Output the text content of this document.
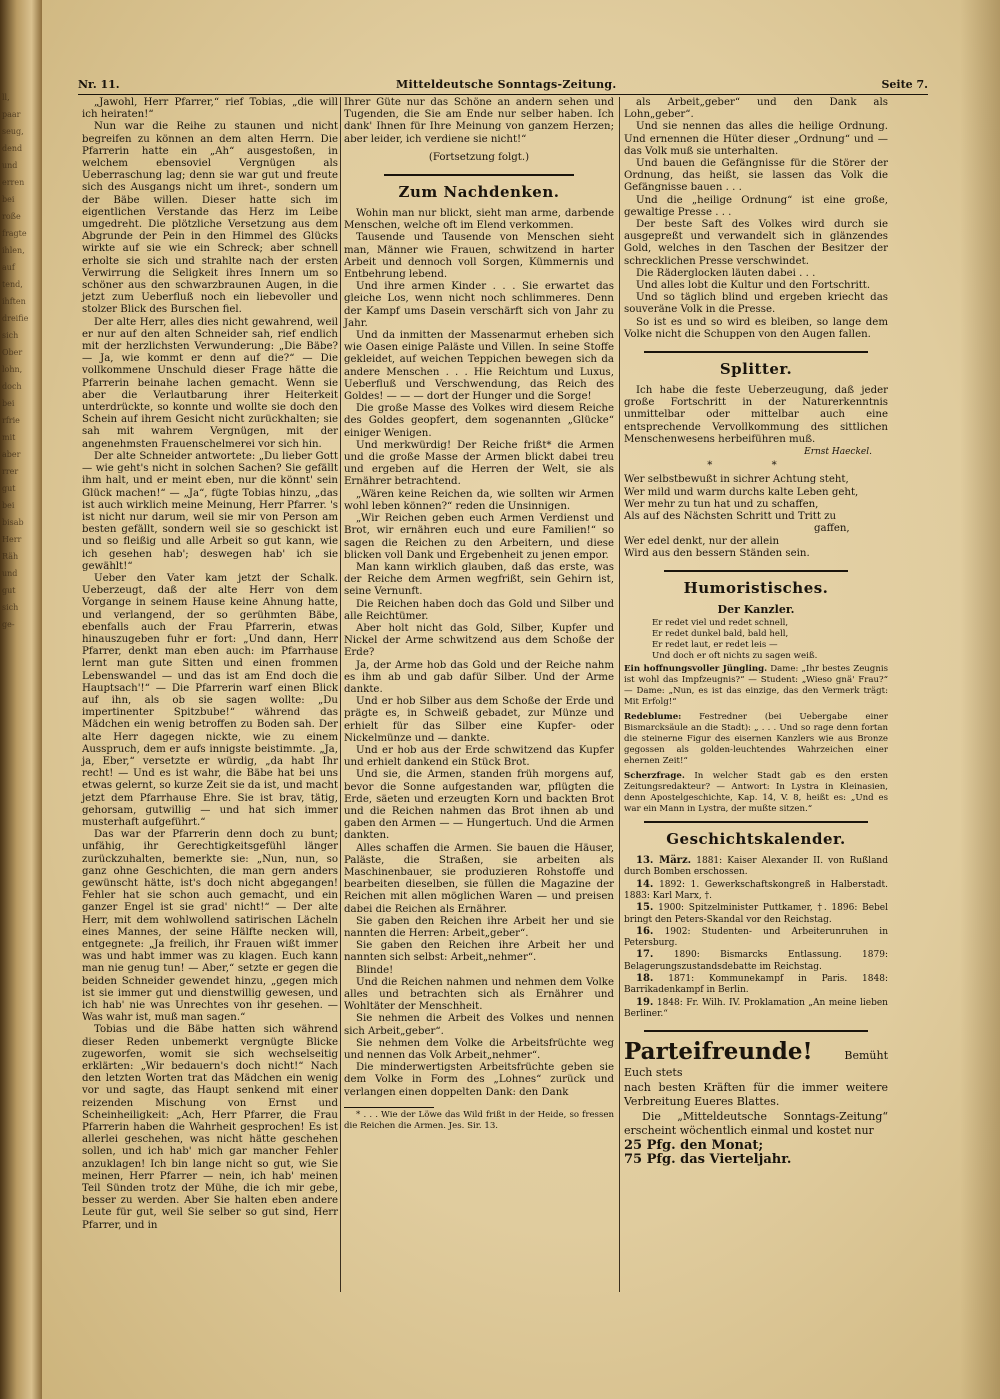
ll,
paar
seug,
dend
und
erren
bei
roße
fragte
ihlen,
auf
tend,
ihften
dreifie
sich
Ober
lohn,
doch
bei
rfrie
mit
aber
rrer
gut
bei
bisab
Herr
Räh
und
gut
sich
ge-
Nr. 11.	Mitteldeutsche Sonntags-Zeitung.	Seite 7.

„Jawohl, Herr Pfarrer,“ rief Tobias, „die will ich heiraten!“

Nun war die Reihe zu staunen und nicht begreifen zu können an dem alten Herrn. Die Pfarrerin hatte ein „Ah“ ausgestoßen, in welchem ebensoviel Vergnügen als Ueberraschung lag; denn sie war gut und freute sich des Ausgangs nicht um ihret-, sondern um der Bäbe willen. Dieser hatte sich im eigentlichen Verstande das Herz im Leibe umgedreht. Die plötzliche Versetzung aus dem Abgrunde der Pein in den Himmel des Glücks wirkte auf sie wie ein Schreck; aber schnell erholte sie sich und strahlte nach der ersten Verwirrung die Seligkeit ihres Innern um so schöner aus den schwarzbraunen Augen, in die jetzt zum Ueberfluß noch ein liebevoller und stolzer Blick des Burschen fiel.

Der alte Herr, alles dies nicht gewahrend, weil er nur auf den alten Schneider sah, rief endlich mit der herzlichsten Verwunderung: „Die Bäbe? — Ja, wie kommt er denn auf die?“ — Die vollkommene Unschuld dieser Frage hätte die Pfarrerin beinahe lachen gemacht. Wenn sie aber die Verlautbarung ihrer Heiterkeit unterdrückte, so konnte und wollte sie doch den Schein auf ihrem Gesicht nicht zurückhalten; sie sah mit wahrem Vergnügen, mit der angenehmsten Frauenschelmerei vor sich hin.

Der alte Schneider antwortete: „Du lieber Gott — wie geht's nicht in solchen Sachen? Sie gefällt ihm halt, und er meint eben, nur die könnt' sein Glück machen!“ — „Ja“, fügte Tobias hinzu, „das ist auch wirklich meine Meinung, Herr Pfarrer. 's ist nicht nur darum, weil sie mir von Person am besten gefällt, sondern weil sie so geschickt ist und so fleißig und alle Arbeit so gut kann, wie ich gesehen hab'; deswegen hab' ich sie gewählt!“

Ueber den Vater kam jetzt der Schalk. Ueberzeugt, daß der alte Herr von dem Vorgange in seinem Hause keine Ahnung hatte, und verlangend, der so gerühmten Bäbe, ebenfalls auch der Frau Pfarrerin, etwas hinauszugeben fuhr er fort: „Und dann, Herr Pfarrer, denkt man eben auch: im Pfarrhause lernt man gute Sitten und einen frommen Lebenswandel — und das ist am End doch die Hauptsach'!“ — Die Pfarrerin warf einen Blick auf ihn, als ob sie sagen wollte: „Du impertinenter Spitzbube!“ während das Mädchen ein wenig betroffen zu Boden sah. Der alte Herr dagegen nickte, wie zu einem Ausspruch, dem er aufs innigste beistimmte. „Ja, ja, Eber,“ versetzte er würdig, „da habt Ihr recht! — Und es ist wahr, die Bäbe hat bei uns etwas gelernt, so kurze Zeit sie da ist, und macht jetzt dem Pfarrhause Ehre. Sie ist brav, tätig, gehorsam, gutwillig — und hat sich immer musterhaft aufgeführt.“

Das war der Pfarrerin denn doch zu bunt; unfähig, ihr Gerechtigkeitsgefühl länger zurückzuhalten, bemerkte sie: „Nun, nun, so ganz ohne Geschichten, die man gern anders gewünscht hätte, ist's doch nicht abgegangen! Fehler hat sie schon auch gemacht, und ein ganzer Engel ist sie grad' nicht!“ — Der alte Herr, mit dem wohlwollend satirischen Lächeln eines Mannes, der seine Hälfte necken will, entgegnete: „Ja freilich, ihr Frauen wißt immer was und habt immer was zu klagen. Euch kann man nie genug tun! — Aber,“ setzte er gegen die beiden Schneider gewendet hinzu, „gegen mich ist sie immer gut und dienstwillig gewesen, und ich hab' nie was Unrechtes von ihr gesehen. — Was wahr ist, muß man sagen.“

Tobias und die Bäbe hatten sich während dieser Reden unbemerkt vergnügte Blicke zugeworfen, womit sie sich wechselseitig erklärten: „Wir bedauern's doch nicht!“ Nach den letzten Worten trat das Mädchen ein wenig vor und sagte, das Haupt senkend mit einer reizenden Mischung von Ernst und Scheinheiligkeit: „Ach, Herr Pfarrer, die Frau Pfarrerin haben die Wahrheit gesprochen! Es ist allerlei geschehen, was nicht hätte geschehen sollen, und ich hab' mich gar mancher Fehler anzuklagen! Ich bin lange nicht so gut, wie Sie meinen, Herr Pfarrer — nein, ich hab' meinen Teil Sünden trotz der Mühe, die ich mir gebe, besser zu werden. Aber Sie halten eben andere Leute für gut, weil Sie selber so gut sind, Herr Pfarrer, und in

Ihrer Güte nur das Schöne an andern sehen und Tugenden, die Sie am Ende nur selber haben. Ich dank' Ihnen für Ihre Meinung von ganzem Herzen; aber leider, ich verdiene sie nicht!“

(Fortsetzung folgt.)
Zum Nachdenken.

Wohin man nur blickt, sieht man arme, darbende Menschen, welche oft im Elend verkommen.

Tausende und Tausende von Menschen sieht man, Männer wie Frauen, schwitzend in harter Arbeit und dennoch voll Sorgen, Kümmernis und Entbehrung lebend.

Und ihre armen Kinder . . . Sie erwartet das gleiche Los, wenn nicht noch schlimmeres. Denn der Kampf ums Dasein verschärft sich von Jahr zu Jahr.

Und da inmitten der Massenarmut erheben sich wie Oasen einige Paläste und Villen. In seine Stoffe gekleidet, auf weichen Teppichen bewegen sich da andere Menschen . . . Hie Reichtum und Luxus, Ueberfluß und Verschwendung, das Reich des Goldes! — — — dort der Hunger und die Sorge!

Die große Masse des Volkes wird diesem Reiche des Goldes geopfert, dem sogenannten „Glücke“ einiger Wenigen.

Und merkwürdig! Der Reiche frißt* die Armen und die große Masse der Armen blickt dabei treu und ergeben auf die Herren der Welt, sie als Ernährer betrachtend.

„Wären keine Reichen da, wie sollten wir Armen wohl leben können?“ reden die Unsinnigen.

„Wir Reichen geben euch Armen Verdienst und Brot, wir ernähren euch und eure Familien!“ so sagen die Reichen zu den Arbeitern, und diese blicken voll Dank und Ergebenheit zu jenen empor.

Man kann wirklich glauben, daß das erste, was der Reiche dem Armen wegfrißt, sein Gehirn ist, seine Vernunft.

Die Reichen haben doch das Gold und Silber und alle Reichtümer.

Aber holt nicht das Gold, Silber, Kupfer und Nickel der Arme schwitzend aus dem Schoße der Erde?

Ja, der Arme hob das Gold und der Reiche nahm es ihm ab und gab dafür Silber. Und der Arme dankte.

Und er hob Silber aus dem Schoße der Erde und prägte es, in Schweiß gebadet, zur Münze und erhielt für das Silber eine Kupfer- oder Nickelmünze und — dankte.

Und er hob aus der Erde schwitzend das Kupfer und erhielt dankend ein Stück Brot.

Und sie, die Armen, standen früh morgens auf, bevor die Sonne aufgestanden war, pflügten die Erde, säeten und erzeugten Korn und backten Brot und die Reichen nahmen das Brot ihnen ab und gaben den Armen — — Hungertuch. Und die Armen dankten.

Alles schaffen die Armen. Sie bauen die Häuser, Paläste, die Straßen, sie arbeiten als Maschinenbauer, sie produzieren Rohstoffe und bearbeiten dieselben, sie füllen die Magazine der Reichen mit allen möglichen Waren — und preisen dabei die Reichen als Ernährer.

Sie gaben den Reichen ihre Arbeit her und sie nannten die Herren: Arbeit„geber“.

Sie gaben den Reichen ihre Arbeit her und nannten sich selbst: Arbeit„nehmer“.

Blinde!

Und die Reichen nahmen und nehmen dem Volke alles und betrachten sich als Ernährer und Wohltäter der Menschheit.

Sie nehmen die Arbeit des Volkes und nennen sich Arbeit„geber“.

Sie nehmen dem Volke die Arbeitsfrüchte weg und nennen das Volk Arbeit„nehmer“.

Die minderwertigsten Arbeitsfrüchte geben sie dem Volke in Form des „Lohnes“ zurück und verlangen einen doppelten Dank: den Dank

* . . . Wie der Löwe das Wild frißt in der Heide, so fressen die Reichen die Armen. Jes. Sir. 13.

als Arbeit„geber“ und den Dank als Lohn„geber“.

Und sie nennen das alles die heilige Ordnung. Und ernennen die Hüter dieser „Ordnung“ und — das Volk muß sie unterhalten.

Und bauen die Gefängnisse für die Störer der Ordnung, das heißt, sie lassen das Volk die Gefängnisse bauen . . .

Und die „heilige Ordnung“ ist eine große, gewaltige Presse . . .

Der beste Saft des Volkes wird durch sie ausgepreßt und verwandelt sich in glänzendes Gold, welches in den Taschen der Besitzer der schrecklichen Presse verschwindet.

Die Räderglocken läuten dabei . . .

Und alles lobt die Kultur und den Fortschritt.

Und so täglich blind und ergeben kriecht das souveräne Volk in die Presse.

So ist es und so wird es bleiben, so lange dem Volke nicht die Schuppen von den Augen fallen.

Splitter.

Ich habe die feste Ueberzeugung, daß jeder große Fortschritt in der Naturerkenntnis unmittelbar oder mittelbar auch eine entsprechende Vervollkommung des sittlichen Menschenwesens herbeiführen muß.

Ernst Haeckel.
* *
Wer selbstbewußt in sichrer Achtung steht,
Wer mild und warm durchs kalte Leben geht,
Wer mehr zu tun hat und zu schaffen,
Als auf des Nächsten Schritt und Tritt zu
gaffen,
Wer edel denkt, nur der allein
Wird aus den bessern Ständen sein.
Humoristisches.
Der Kanzler.
Er redet viel und redet schnell,
Er redet dunkel bald, bald hell,
Er redet laut, er redet leis —
Und doch er oft nichts zu sagen weiß.

Ein hoffnungsvoller Jüngling. Dame: „Ihr bestes Zeugnis ist wohl das Impfzeugnis?“ — Student: „Wieso gnä' Frau?“ — Dame: „Nun, es ist das einzige, das den Vermerk trägt: Mit Erfolg!“

Redeblume: Festredner (bei Uebergabe einer Bismarcksäule an die Stadt): „ . . . Und so rage denn fortan die steinerne Figur des eisernen Kanzlers wie aus Bronze gegossen als golden-leuchtendes Wahrzeichen einer ehernen Zeit!“

Scherzfrage. In welcher Stadt gab es den ersten Zeitungsredakteur? — Antwort: In Lystra in Kleinasien, denn Apostelgeschichte, Kap. 14, V. 8, heißt es: „Und es war ein Mann in Lystra, der mußte sitzen.“

Geschichtskalender.

13. März. 1881: Kaiser Alexander II. von Rußland durch Bomben erschossen.

14. 1892: 1. Gewerkschaftskongreß in Halberstadt. 1883: Karl Marx, †.

15. 1900: Spitzelminister Puttkamer, †. 1896: Bebel bringt den Peters-Skandal vor den Reichstag.

16. 1902: Studenten- und Arbeiterunruhen in Petersburg.

17. 1890: Bismarcks Entlassung. 1879: Belagerungszustandsdebatte im Reichstag.

18. 1871: Kommunekampf in Paris. 1848: Barrikadenkampf in Berlin.

19. 1848: Fr. Wilh. IV. Proklamation „An meine lieben Berliner.“

Parteifreunde!	Bemüht Euch stets
nach besten Kräften für die immer weitere Verbreitung Eueres Blattes.
Die „Mitteldeutsche Sonntags-Zeitung“ erscheint wöchentlich einmal und kostet nur
25 Pfg. den Monat;
75 Pfg. das Vierteljahr.
